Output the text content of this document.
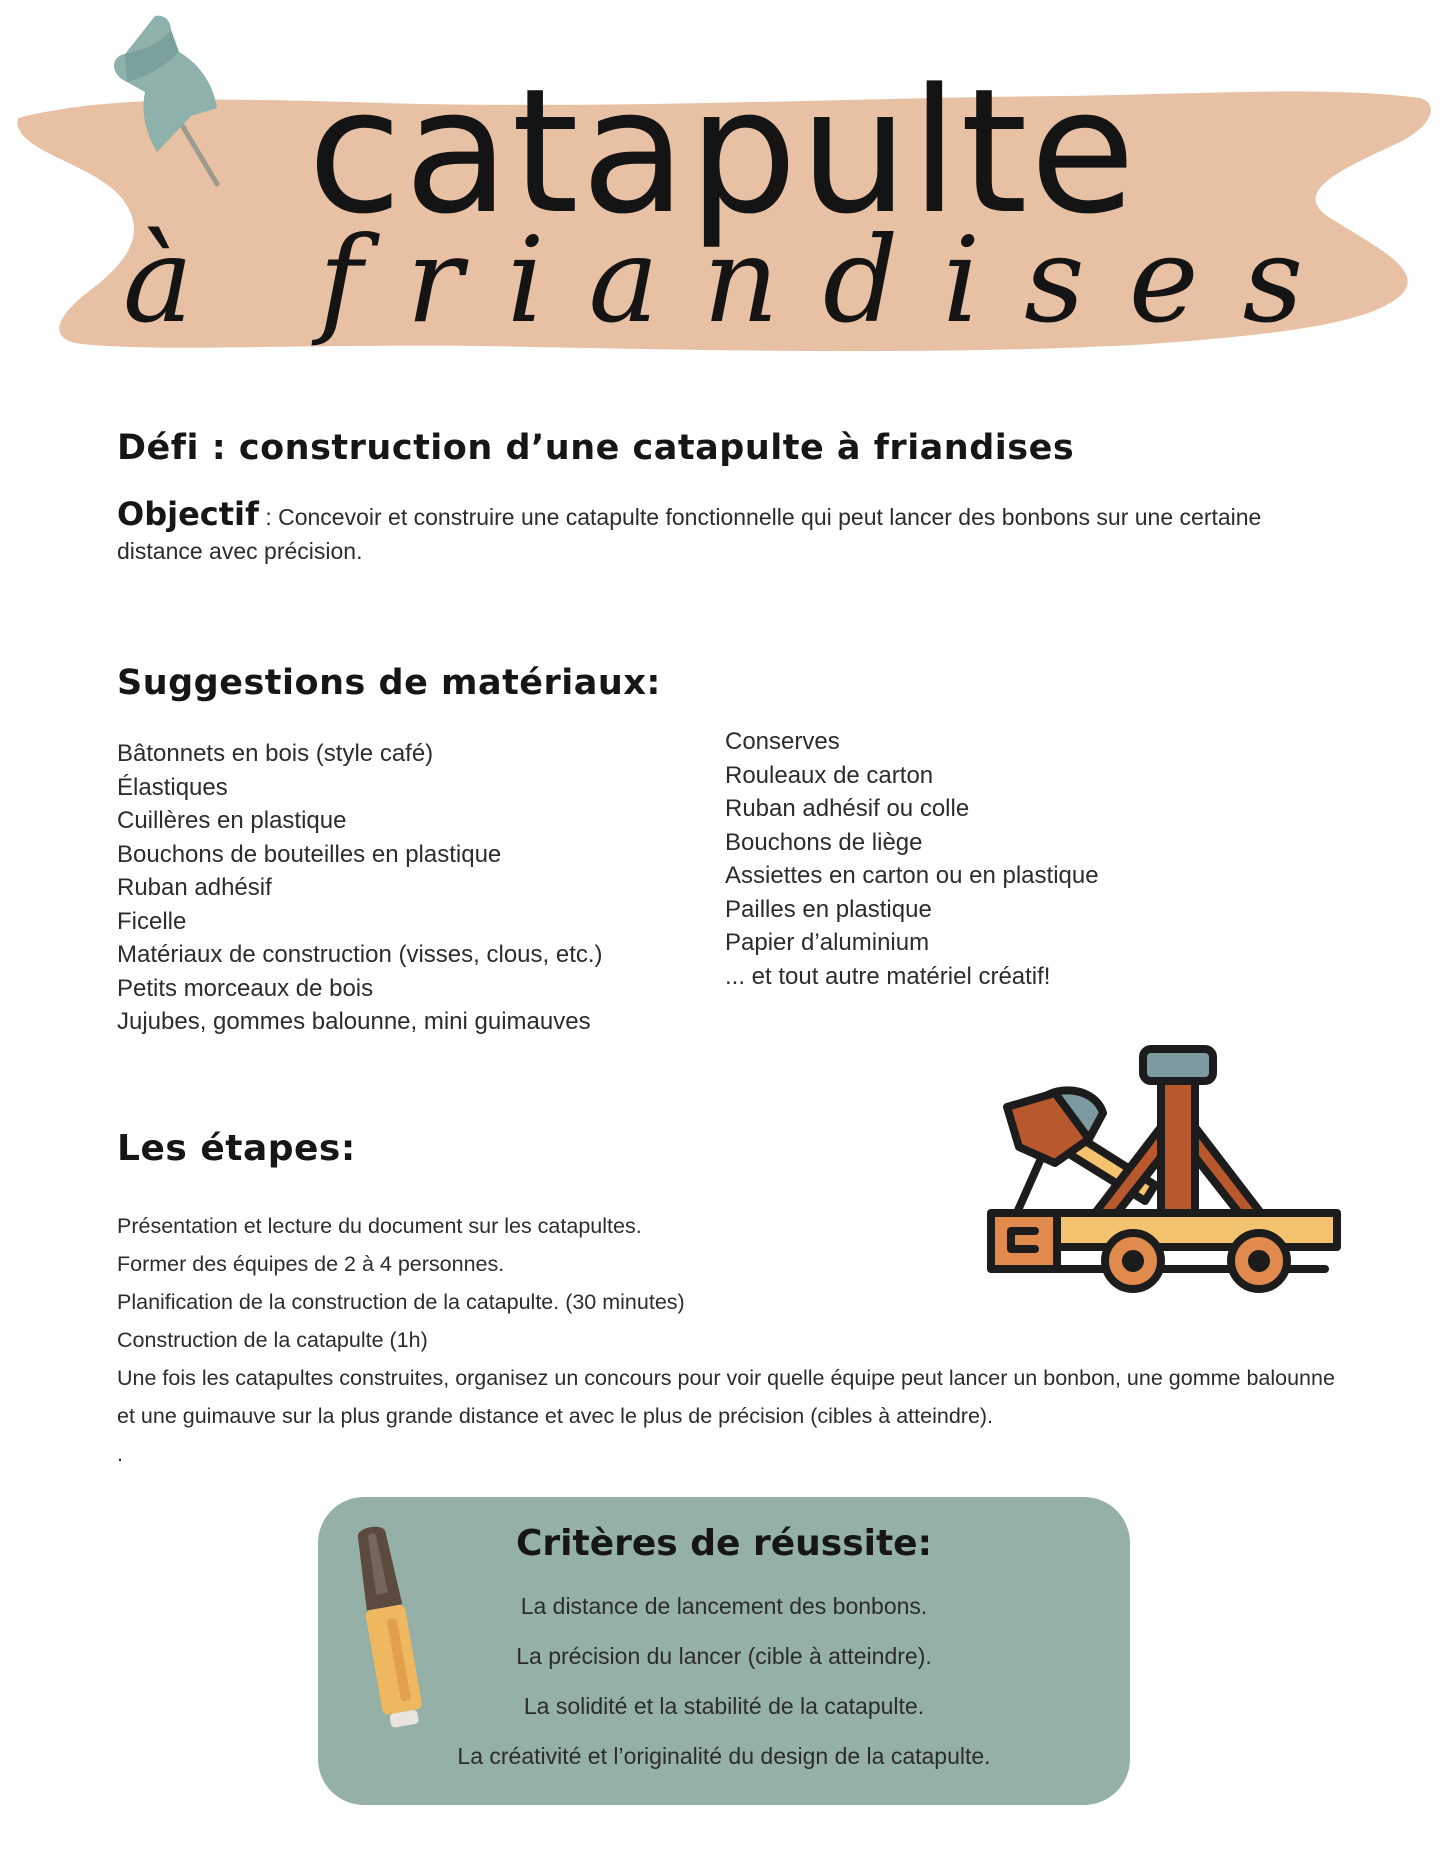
catapulte
à friandises
Défi : construction d’une catapulte à friandises
Objectif : Concevoir et construire une catapulte fonctionnelle qui peut lancer des bonbons sur une certaine distance avec précision.
Suggestions de matériaux:
Bâtonnets en bois (style café)
Élastiques
Cuillères en plastique
Bouchons de bouteilles en plastique
Ruban adhésif
Ficelle
Matériaux de construction (visses, clous, etc.)
Petits morceaux de bois
Jujubes, gommes balounne, mini guimauves
Conserves
Rouleaux de carton
Ruban adhésif ou colle
Bouchons de liège
Assiettes en carton ou en plastique
Pailles en plastique
Papier d’aluminium
... et tout autre matériel créatif!
Les étapes:
Présentation et lecture du document sur les catapultes.
Former des équipes de 2 à 4 personnes.
Planification de la construction de la catapulte. (30 minutes)
Construction de la catapulte (1h)
Une fois les catapultes construites, organisez un concours pour voir quelle équipe peut lancer un bonbon, une gomme balounne
et une guimauve sur la plus grande distance et avec le plus de précision (cibles à atteindre).
.
Critères de réussite:
La distance de lancement des bonbons.
La précision du lancer (cible à atteindre).
La solidité et la stabilité de la catapulte.
La créativité et l’originalité du design de la catapulte.
